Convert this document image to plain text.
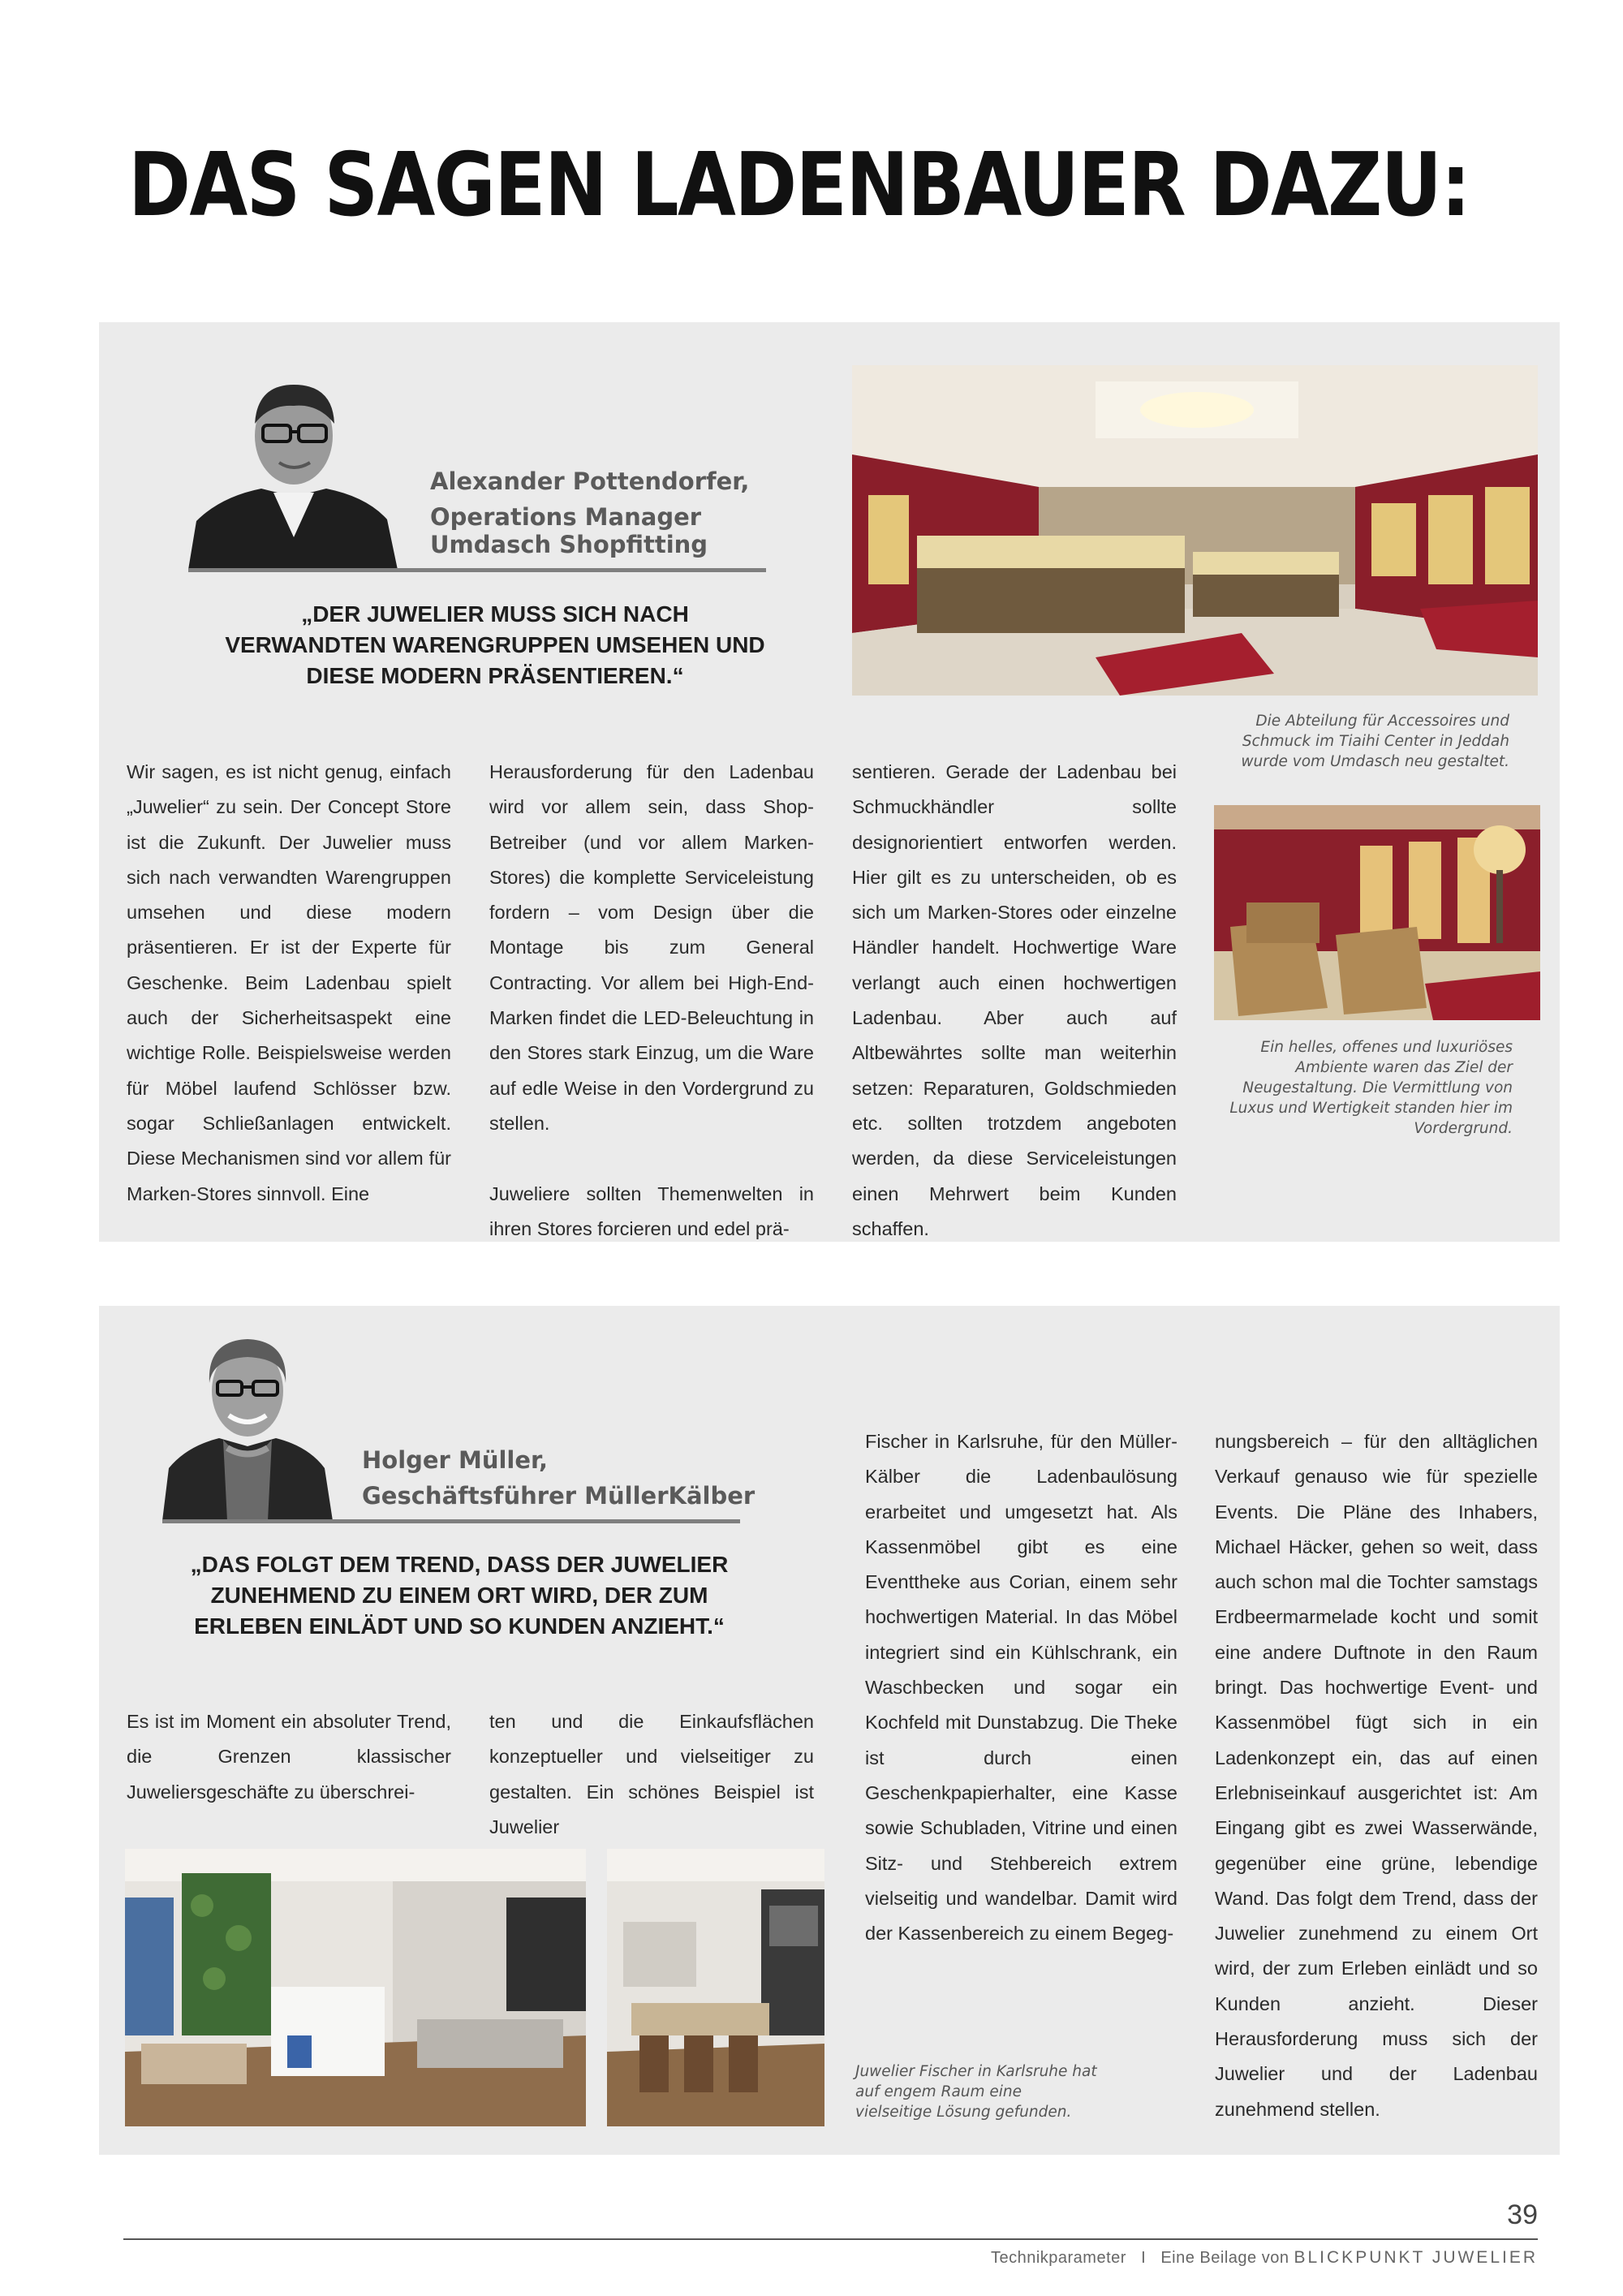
DAS SAGEN LADENBAUER DAZU:
Alexander Pottendorfer,
Operations Manager
Umdasch Shopfitting
„DER JUWELIER MUSS SICH NACH VERWANDTEN WARENGRUPPEN UMSEHEN UND DIESE MODERN PRÄSENTIEREN.“
Die Abteilung für Accessoires und Schmuck im Tiaihi Center in Jeddah wurde vom Umdasch neu gestaltet.
Ein helles, offenes und luxuriöses Ambiente waren das Ziel der Neugestaltung. Die Vermittlung von Luxus und Wertigkeit standen hier im Vordergrund.

Wir sagen, es ist nicht genug, einfach „Juwelier“ zu sein. Der Concept Store ist die Zukunft. Der Juwelier muss sich nach verwandten Warengruppen umsehen und diese modern präsentieren. Er ist der Experte für Geschenke. Beim Ladenbau spielt auch der Sicherheitsaspekt eine wichtige Rolle. Beispielsweise werden für Möbel laufend Schlösser bzw. sogar Schließanlagen entwickelt. Diese Mechanismen sind vor allem für Marken-Stores sinnvoll. Eine

Herausforderung für den Ladenbau wird vor allem sein, dass Shop-Betreiber (und vor allem Marken-Stores) die komplette Serviceleistung fordern – vom Design über die Montage bis zum General Contracting. Vor allem bei High-End-Marken findet die LED-Beleuchtung in den Stores stark Einzug, um die Ware auf edle Weise in den Vordergrund zu stellen.

Juweliere sollten Themenwelten in ihren Stores forcieren und edel prä-

sentieren. Gerade der Ladenbau bei Schmuckhändler sollte designorientiert entworfen werden. Hier gilt es zu unterscheiden, ob es sich um Marken-Stores oder einzelne Händler handelt. Hochwertige Ware verlangt auch einen hochwertigen Ladenbau. Aber auch auf Altbewährtes sollte man weiterhin setzen: Reparaturen, Goldschmieden etc. sollten trotzdem angeboten werden, da diese Serviceleistungen einen Mehrwert beim Kunden schaffen.

Holger Müller,
Geschäftsführer MüllerKälber
„DAS FOLGT DEM TREND, DASS DER JUWELIER ZUNEHMEND ZU EINEM ORT WIRD, DER ZUM ERLEBEN EINLÄDT UND SO KUNDEN ANZIEHT.“

Es ist im Moment ein absoluter Trend, die Grenzen klassischer Juweliersgeschäfte zu überschrei-

ten und die Einkaufsflächen konzeptueller und vielseitiger zu gestalten. Ein schönes Beispiel ist Juwelier

Fischer in Karlsruhe, für den Müller-Kälber die Ladenbaulösung erarbeitet und umgesetzt hat. Als Kassenmöbel gibt es eine Eventtheke aus Corian, einem sehr hochwertigen Material. In das Möbel integriert sind ein Kühlschrank, ein Waschbecken und sogar ein Kochfeld mit Dunstabzug. Die Theke ist durch einen Geschenkpapierhalter, eine Kasse sowie Schubladen, Vitrine und einen Sitz- und Stehbereich extrem vielseitig und wandelbar. Damit wird der Kassenbereich zu einem Begeg-

Juwelier Fischer in Karlsruhe hat auf engem Raum eine vielseitige Lösung gefunden.

nungsbereich – für den alltäglichen Verkauf genauso wie für spezielle Events. Die Pläne des Inhabers, Michael Häcker, gehen so weit, dass auch schon mal die Tochter samstags Erdbeermarmelade kocht und somit eine andere Duftnote in den Raum bringt. Das hochwertige Event- und Kassenmöbel fügt sich in ein Ladenkonzept ein, das auf einen Erlebniseinkauf ausgerichtet ist: Am Eingang gibt es zwei Wasserwände, gegenüber eine grüne, lebendige Wand. Das folgt dem Trend, dass der Juwelier zunehmend zu einem Ort wird, der zum Erleben einlädt und so Kunden anzieht. Dieser Herausforderung muss sich der Juwelier und der Ladenbau zunehmend stellen.

39
Technikparameter I Eine Beilage von BLICKPUNKT JUWELIER
